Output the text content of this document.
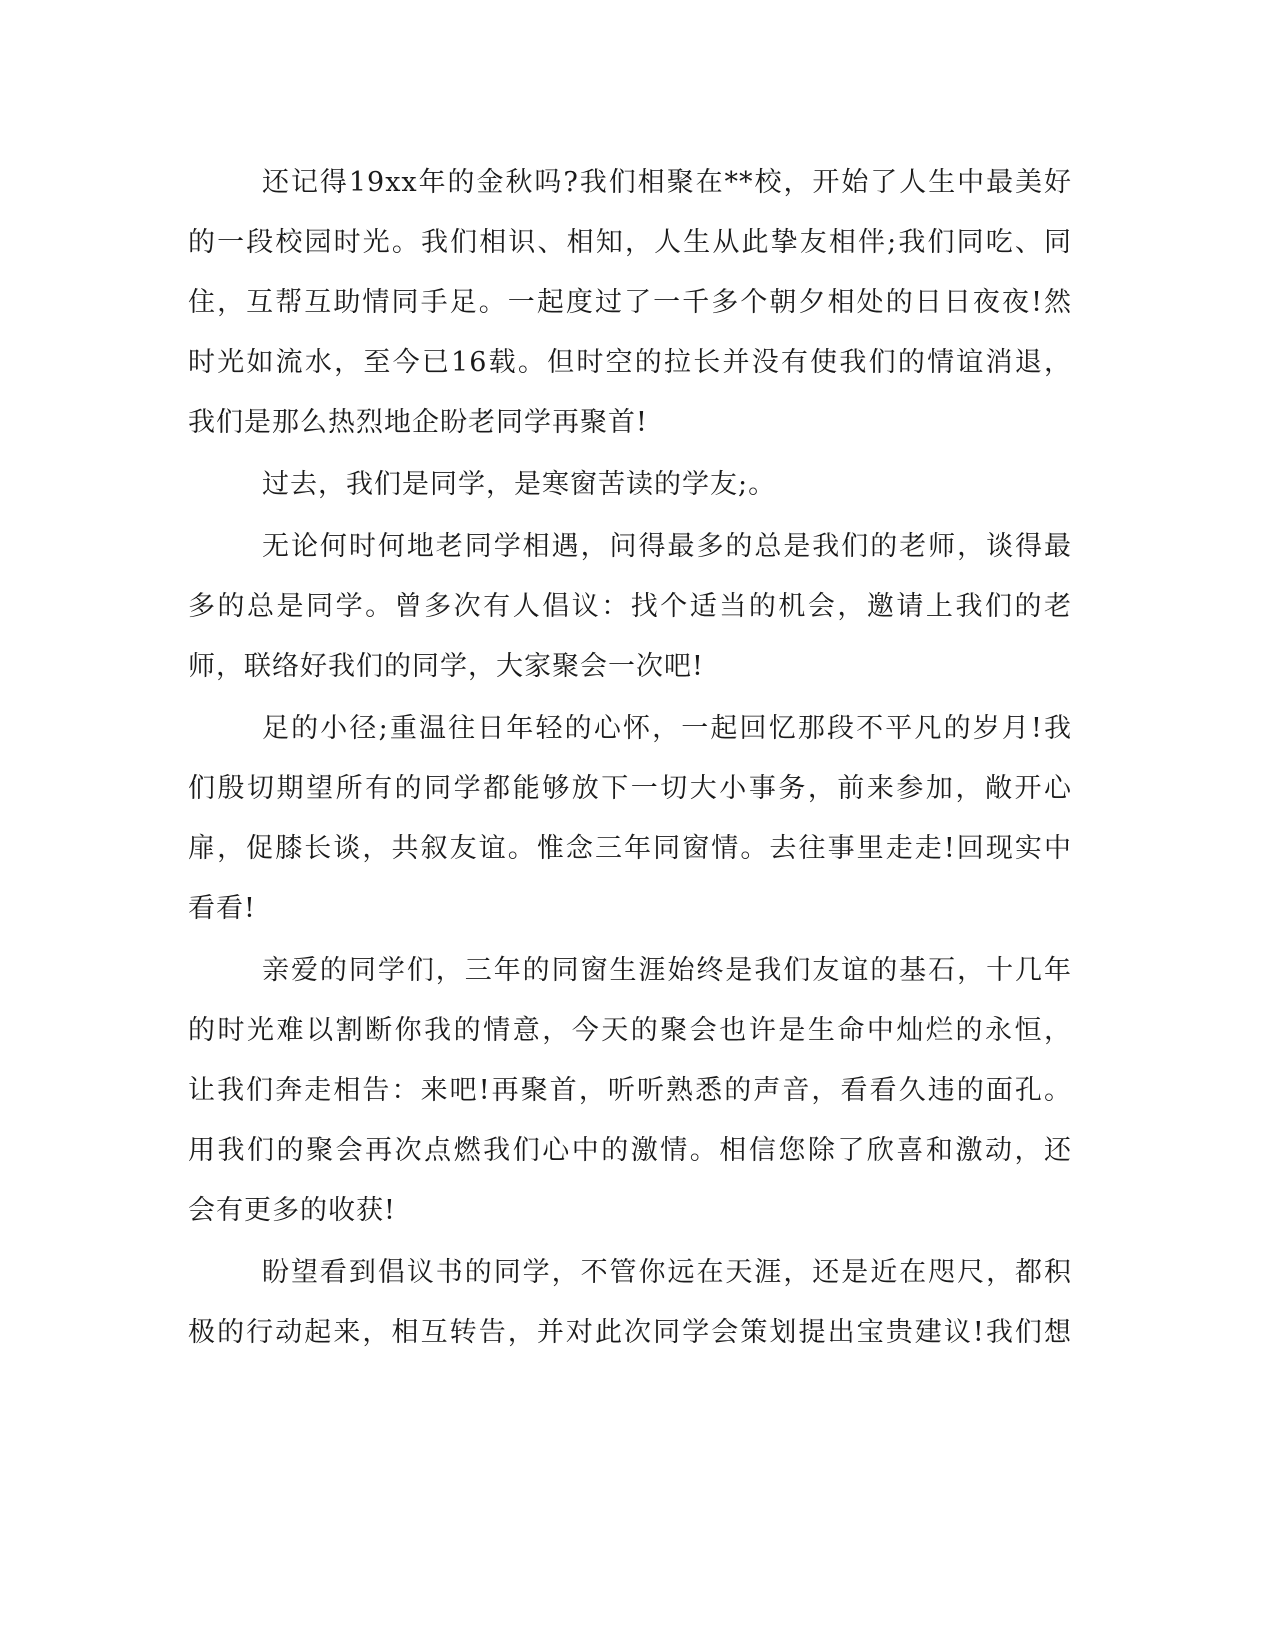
还记得19xx年的金秋吗?我们相聚在**校，开始了人生中最美好
的一段校园时光。我们相识、相知，人生从此挚友相伴;我们同吃、同
住，互帮互助情同手足。一起度过了一千多个朝夕相处的日日夜夜!然
时光如流水，至今已16载。但时空的拉长并没有使我们的情谊消退，
我们是那么热烈地企盼老同学再聚首!
过去，我们是同学，是寒窗苦读的学友;。
无论何时何地老同学相遇，问得最多的总是我们的老师，谈得最
多的总是同学。曾多次有人倡议：找个适当的机会，邀请上我们的老
师，联络好我们的同学，大家聚会一次吧!
足的小径;重温往日年轻的心怀，一起回忆那段不平凡的岁月!我
们殷切期望所有的同学都能够放下一切大小事务，前来参加，敞开心
扉，促膝长谈，共叙友谊。惟念三年同窗情。去往事里走走!回现实中
看看!
亲爱的同学们，三年的同窗生涯始终是我们友谊的基石，十几年
的时光难以割断你我的情意，今天的聚会也许是生命中灿烂的永恒，
让我们奔走相告：来吧!再聚首，听听熟悉的声音，看看久违的面孔。
用我们的聚会再次点燃我们心中的激情。相信您除了欣喜和激动，还
会有更多的收获!
盼望看到倡议书的同学，不管你远在天涯，还是近在咫尺，都积
极的行动起来，相互转告，并对此次同学会策划提出宝贵建议!我们想
